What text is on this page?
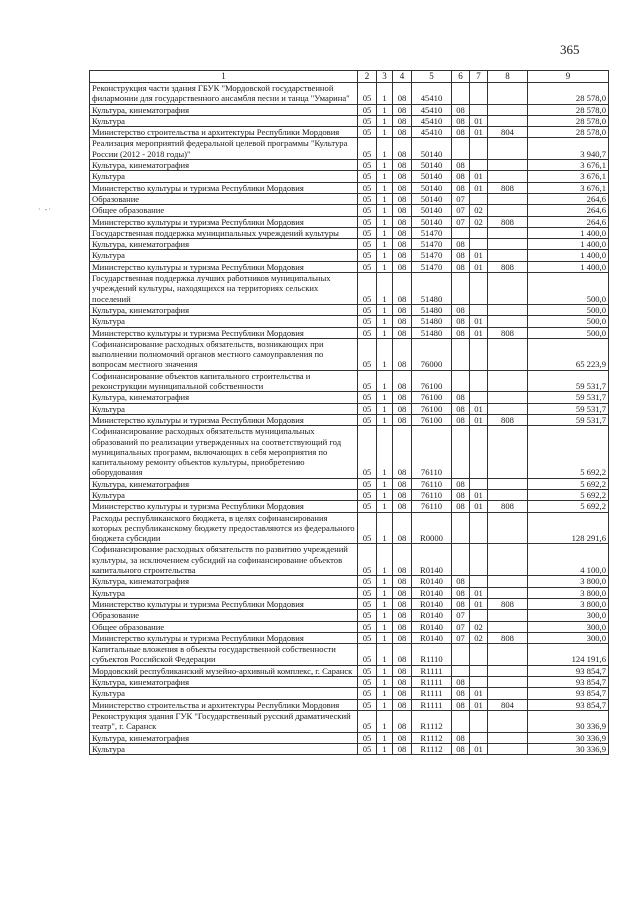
365
· -·
1	2	3	4	5	6	7	8	9
Реконструкция части здания ГБУК "Мордовской государственной филармонии для государственного ансамбля песни и танца "Умарина"	05	1	08	45410				28 578,0
Культура, кинематография	05	1	08	45410	08			28 578,0
Культура	05	1	08	45410	08	01		28 578,0
Министерство строительства и архитектуры Республики Мордовия	05	1	08	45410	08	01	804	28 578,0
Реализация мероприятий федеральной целевой программы "Культура России (2012 - 2018 годы)"	05	1	08	50140				3 940,7
Культура, кинематография	05	1	08	50140	08			3 676,1
Культура	05	1	08	50140	08	01		3 676,1
Министерство культуры и туризма Республики Мордовия	05	1	08	50140	08	01	808	3 676,1
Образование	05	1	08	50140	07			264,6
Общее образование	05	1	08	50140	07	02		264,6
Министерство культуры и туризма Республики Мордовия	05	1	08	50140	07	02	808	264,6
Государственная поддержка муниципальных учреждений культуры	05	1	08	51470				1 400,0
Культура, кинематография	05	1	08	51470	08			1 400,0
Культура	05	1	08	51470	08	01		1 400,0
Министерство культуры и туризма Республики Мордовия	05	1	08	51470	08	01	808	1 400,0
Государственная поддержка лучших работников муниципальных учреждений культуры, находящихся на территориях сельских поселений	05	1	08	51480				500,0
Культура, кинематография	05	1	08	51480	08			500,0
Культура	05	1	08	51480	08	01		500,0
Министерство культуры и туризма Республики Мордовия	05	1	08	51480	08	01	808	500,0
Софинансирование расходных обязательств, возникающих при выполнении полномочий органов местного самоуправления по вопросам местного значения	05	1	08	76000				65 223,9
Софинансирование объектов капитального строительства и реконструкции муниципальной собственности	05	1	08	76100				59 531,7
Культура, кинематография	05	1	08	76100	08			59 531,7
Культура	05	1	08	76100	08	01		59 531,7
Министерство культуры и туризма Республики Мордовия	05	1	08	76100	08	01	808	59 531,7
Софинансирование расходных обязательств муниципальных образований по реализации утвержденных на соответствующий год муниципальных программ, включающих в себя мероприятия по капитальному ремонту объектов культуры, приобретению оборудования	05	1	08	76110				5 692,2
Культура, кинематография	05	1	08	76110	08			5 692,2
Культура	05	1	08	76110	08	01		5 692,2
Министерство культуры и туризма Республики Мордовия	05	1	08	76110	08	01	808	5 692,2
Расходы республиканского бюджета, в целях софинансирования которых республиканскому бюджету предоставляются из федерального бюджета субсидии	05	1	08	R0000				128 291,6
Софинансирование расходных обязательств по развитию учреждений культуры, за исключением субсидий на софинансирование объектов капитального строительства	05	1	08	R0140				4 100,0
Культура, кинематография	05	1	08	R0140	08			3 800,0
Культура	05	1	08	R0140	08	01		3 800,0
Министерство культуры и туризма Республики Мордовия	05	1	08	R0140	08	01	808	3 800,0
Образование	05	1	08	R0140	07			300,0
Общее образование	05	1	08	R0140	07	02		300,0
Министерство культуры и туризма Республики Мордовия	05	1	08	R0140	07	02	808	300,0
Капитальные вложения в объекты государственной собственности субъектов Российской Федерации	05	1	08	R1110				124 191,6
Мордовский республиканский музейно-архивный комплекс, г. Саранск	05	1	08	R1111				93 854,7
Культура, кинематография	05	1	08	R1111	08			93 854,7
Культура	05	1	08	R1111	08	01		93 854,7
Министерство строительства и архитектуры Республики Мордовия	05	1	08	R1111	08	01	804	93 854,7
Реконструкция здания ГУК "Государственный русский драматический театр", г. Саранск	05	1	08	R1112				30 336,9
Культура, кинематография	05	1	08	R1112	08			30 336,9
Культура	05	1	08	R1112	08	01		30 336,9
